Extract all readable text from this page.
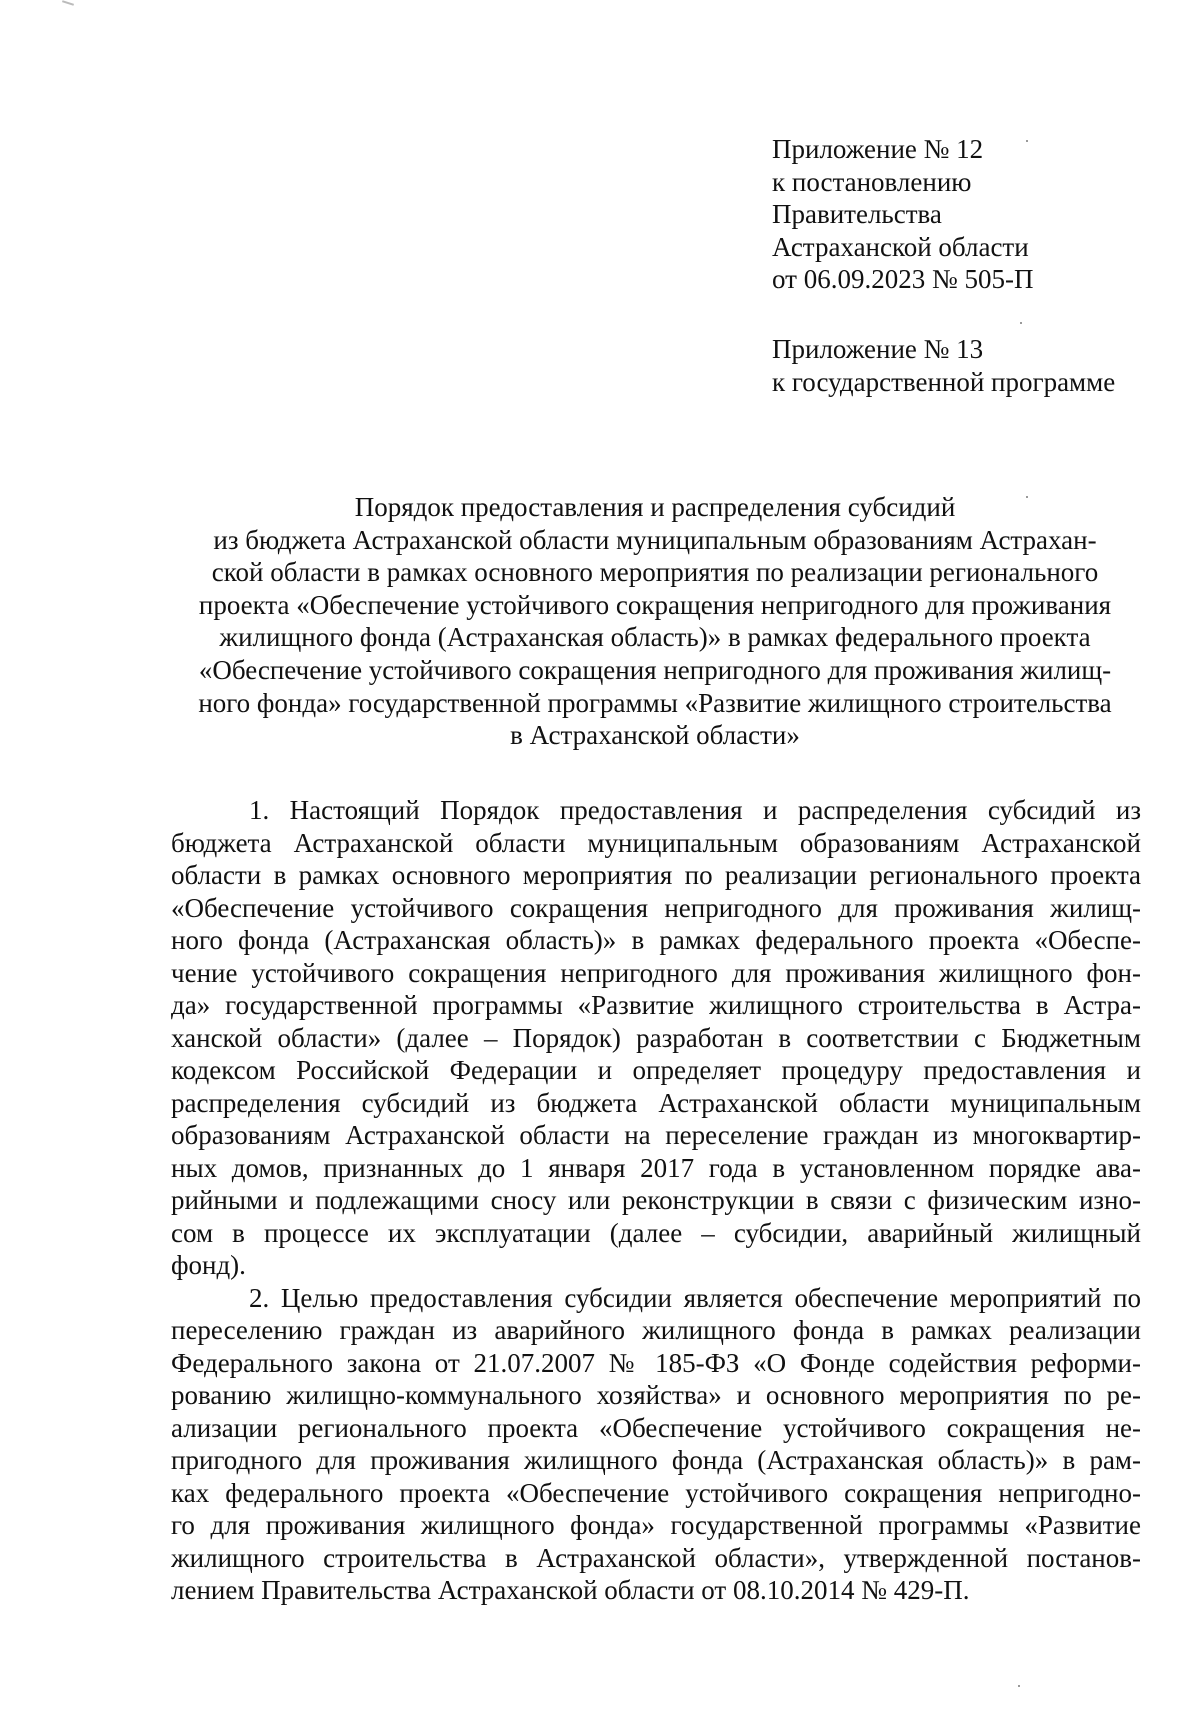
Приложение № 12
к постановлению
Правительства
Астраханской области
от 06.09.2023 № 505-П
Приложение № 13
к государственной программе
Порядок предоставления и распределения субсидий
из бюджета Астраханской области муниципальным образованиям Астрахан-
ской области в рамках основного мероприятия по реализации регионального
проекта «Обеспечение устойчивого сокращения непригодного для проживания
жилищного фонда (Астраханская область)» в рамках федерального проекта
«Обеспечение устойчивого сокращения непригодного для проживания жилищ-
ного фонда» государственной программы «Развитие жилищного строительства
в Астраханской области»
1. Настоящий Порядок предоставления и распределения субсидий из
бюджета Астраханской области муниципальным образованиям Астраханской
области в рамках основного мероприятия по реализации регионального проекта
«Обеспечение устойчивого сокращения непригодного для проживания жилищ-
ного фонда (Астраханская область)» в рамках федерального проекта «Обеспе-
чение устойчивого сокращения непригодного для проживания жилищного фон-
да» государственной программы «Развитие жилищного строительства в Астра-
ханской области» (далее – Порядок) разработан в соответствии с Бюджетным
кодексом Российской Федерации и определяет процедуру предоставления и
распределения субсидий из бюджета Астраханской области муниципальным
образованиям Астраханской области на переселение граждан из многоквартир-
ных домов, признанных до 1 января 2017 года в установленном порядке ава-
рийными и подлежащими сносу или реконструкции в связи с физическим изно-
сом в процессе их эксплуатации (далее – субсидии, аварийный жилищный
фонд).
2. Целью предоставления субсидии является обеспечение мероприятий по
переселению граждан из аварийного жилищного фонда в рамках реализации
Федерального закона от 21.07.2007 № 185-ФЗ «О Фонде содействия реформи-
рованию жилищно-коммунального хозяйства» и основного мероприятия по ре-
ализации регионального проекта «Обеспечение устойчивого сокращения не-
пригодного для проживания жилищного фонда (Астраханская область)» в рам-
ках федерального проекта «Обеспечение устойчивого сокращения непригодно-
го для проживания жилищного фонда» государственной программы «Развитие
жилищного строительства в Астраханской области», утвержденной постанов-
лением Правительства Астраханской области от 08.10.2014 № 429-П.
